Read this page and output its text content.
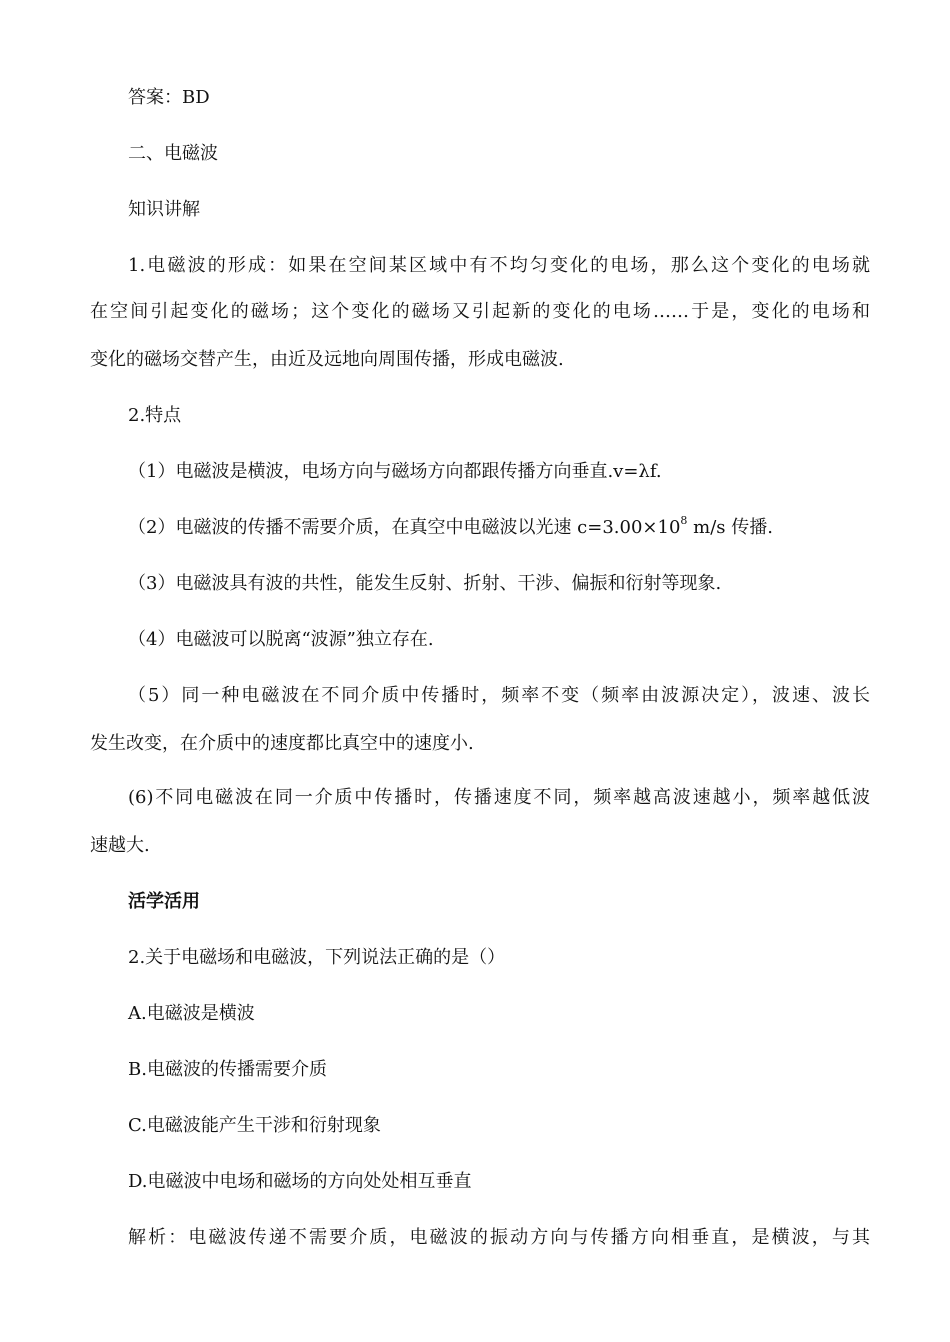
答案：BD
二、电磁波
知识讲解
1.电磁波的形成：如果在空间某区域中有不均匀变化的电场，那么这个变化的电场就
在空间引起变化的磁场；这个变化的磁场又引起新的变化的电场……于是，变化的电场和
变化的磁场交替产生，由近及远地向周围传播，形成电磁波.
2.特点
（1）电磁波是横波，电场方向与磁场方向都跟传播方向垂直.v=λf.
（2）电磁波的传播不需要介质，在真空中电磁波以光速 $c=3.00\times 10^8$ m/s 传播.
（3）电磁波具有波的共性，能发生反射、折射、干涉、偏振和衍射等现象.
（4）电磁波可以脱离“波源”独立存在.
（5）同一种电磁波在不同介质中传播时，频率不变（频率由波源决定），波速、波长
发生改变，在介质中的速度都比真空中的速度小.
(6)不同电磁波在同一介质中传播时，传播速度不同，频率越高波速越小，频率越低波
速越大.
活学活用
2.关于电磁场和电磁波，下列说法正确的是（）
A.电磁波是横波
B.电磁波的传播需要介质
C.电磁波能产生干涉和衍射现象
D.电磁波中电场和磁场的方向处处相互垂直
解析：电磁波传递不需要介质，电磁波的振动方向与传播方向相垂直，是横波，与其
